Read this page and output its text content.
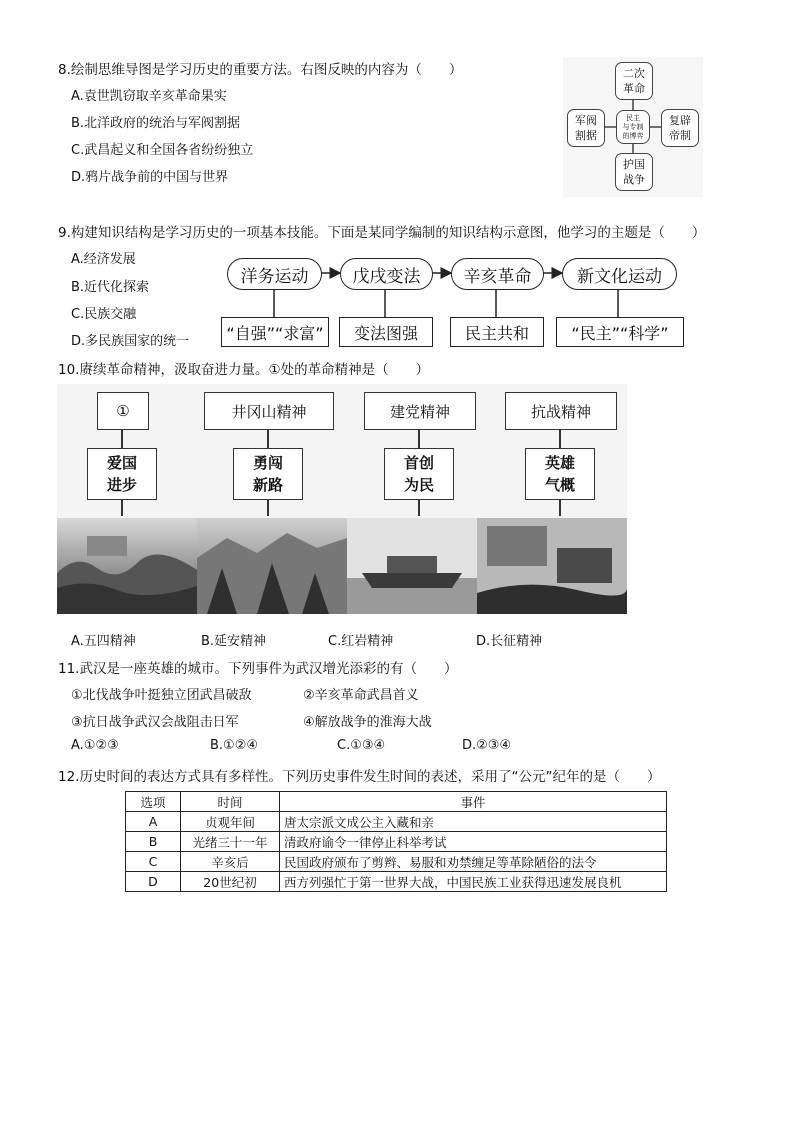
8.绘制思维导图是学习历史的重要方法。右图反映的内容为（　　）
A.袁世凯窃取辛亥革命果实
B.北洋政府的统治与军阀割据
C.武昌起义和全国各省纷纷独立
D.鸦片战争前的中国与世界
二次
革命
军阀
割据
复辟
帝制
护国
战争
民主
与专制
的博弈
9.构建知识结构是学习历史的一项基本技能。下面是某同学编制的知识结构示意图，他学习的主题是（　　）
A.经济发展
B.近代化探索
C.民族交融
D.多民族国家的统一
洋务运动	戊戌变法	辛亥革命	新文化运动
“自强”“求富”	变法图强	民主共和	“民主”“科学”
10.赓续革命精神，汲取奋进力量。①处的革命精神是（　　）
①	井冈山精神	建党精神	抗战精神
爱国
进步
勇闯
新路
首创
为民
英雄
气概
A.五四精神	B.延安精神	C.红岩精神	D.长征精神
11.武汉是一座英雄的城市。下列事件为武汉增光添彩的有（　　）
①北伐战争叶挺独立团武昌破敌	②辛亥革命武昌首义
③抗日战争武汉会战阻击日军	④解放战争的淮海大战
A.①②③	B.①②④	C.①③④	D.②③④
12.历史时间的表达方式具有多样性。下列历史事件发生时间的表述，采用了“公元”纪年的是（　　）
选项	时间	事件
A	贞观年间	唐太宗派文成公主入藏和亲
B	光绪三十一年	清政府谕令一律停止科举考试
C	辛亥后	民国政府颁布了剪辫、易服和劝禁缠足等革除陋俗的法令
D	20世纪初	西方列强忙于第一世界大战，中国民族工业获得迅速发展良机
